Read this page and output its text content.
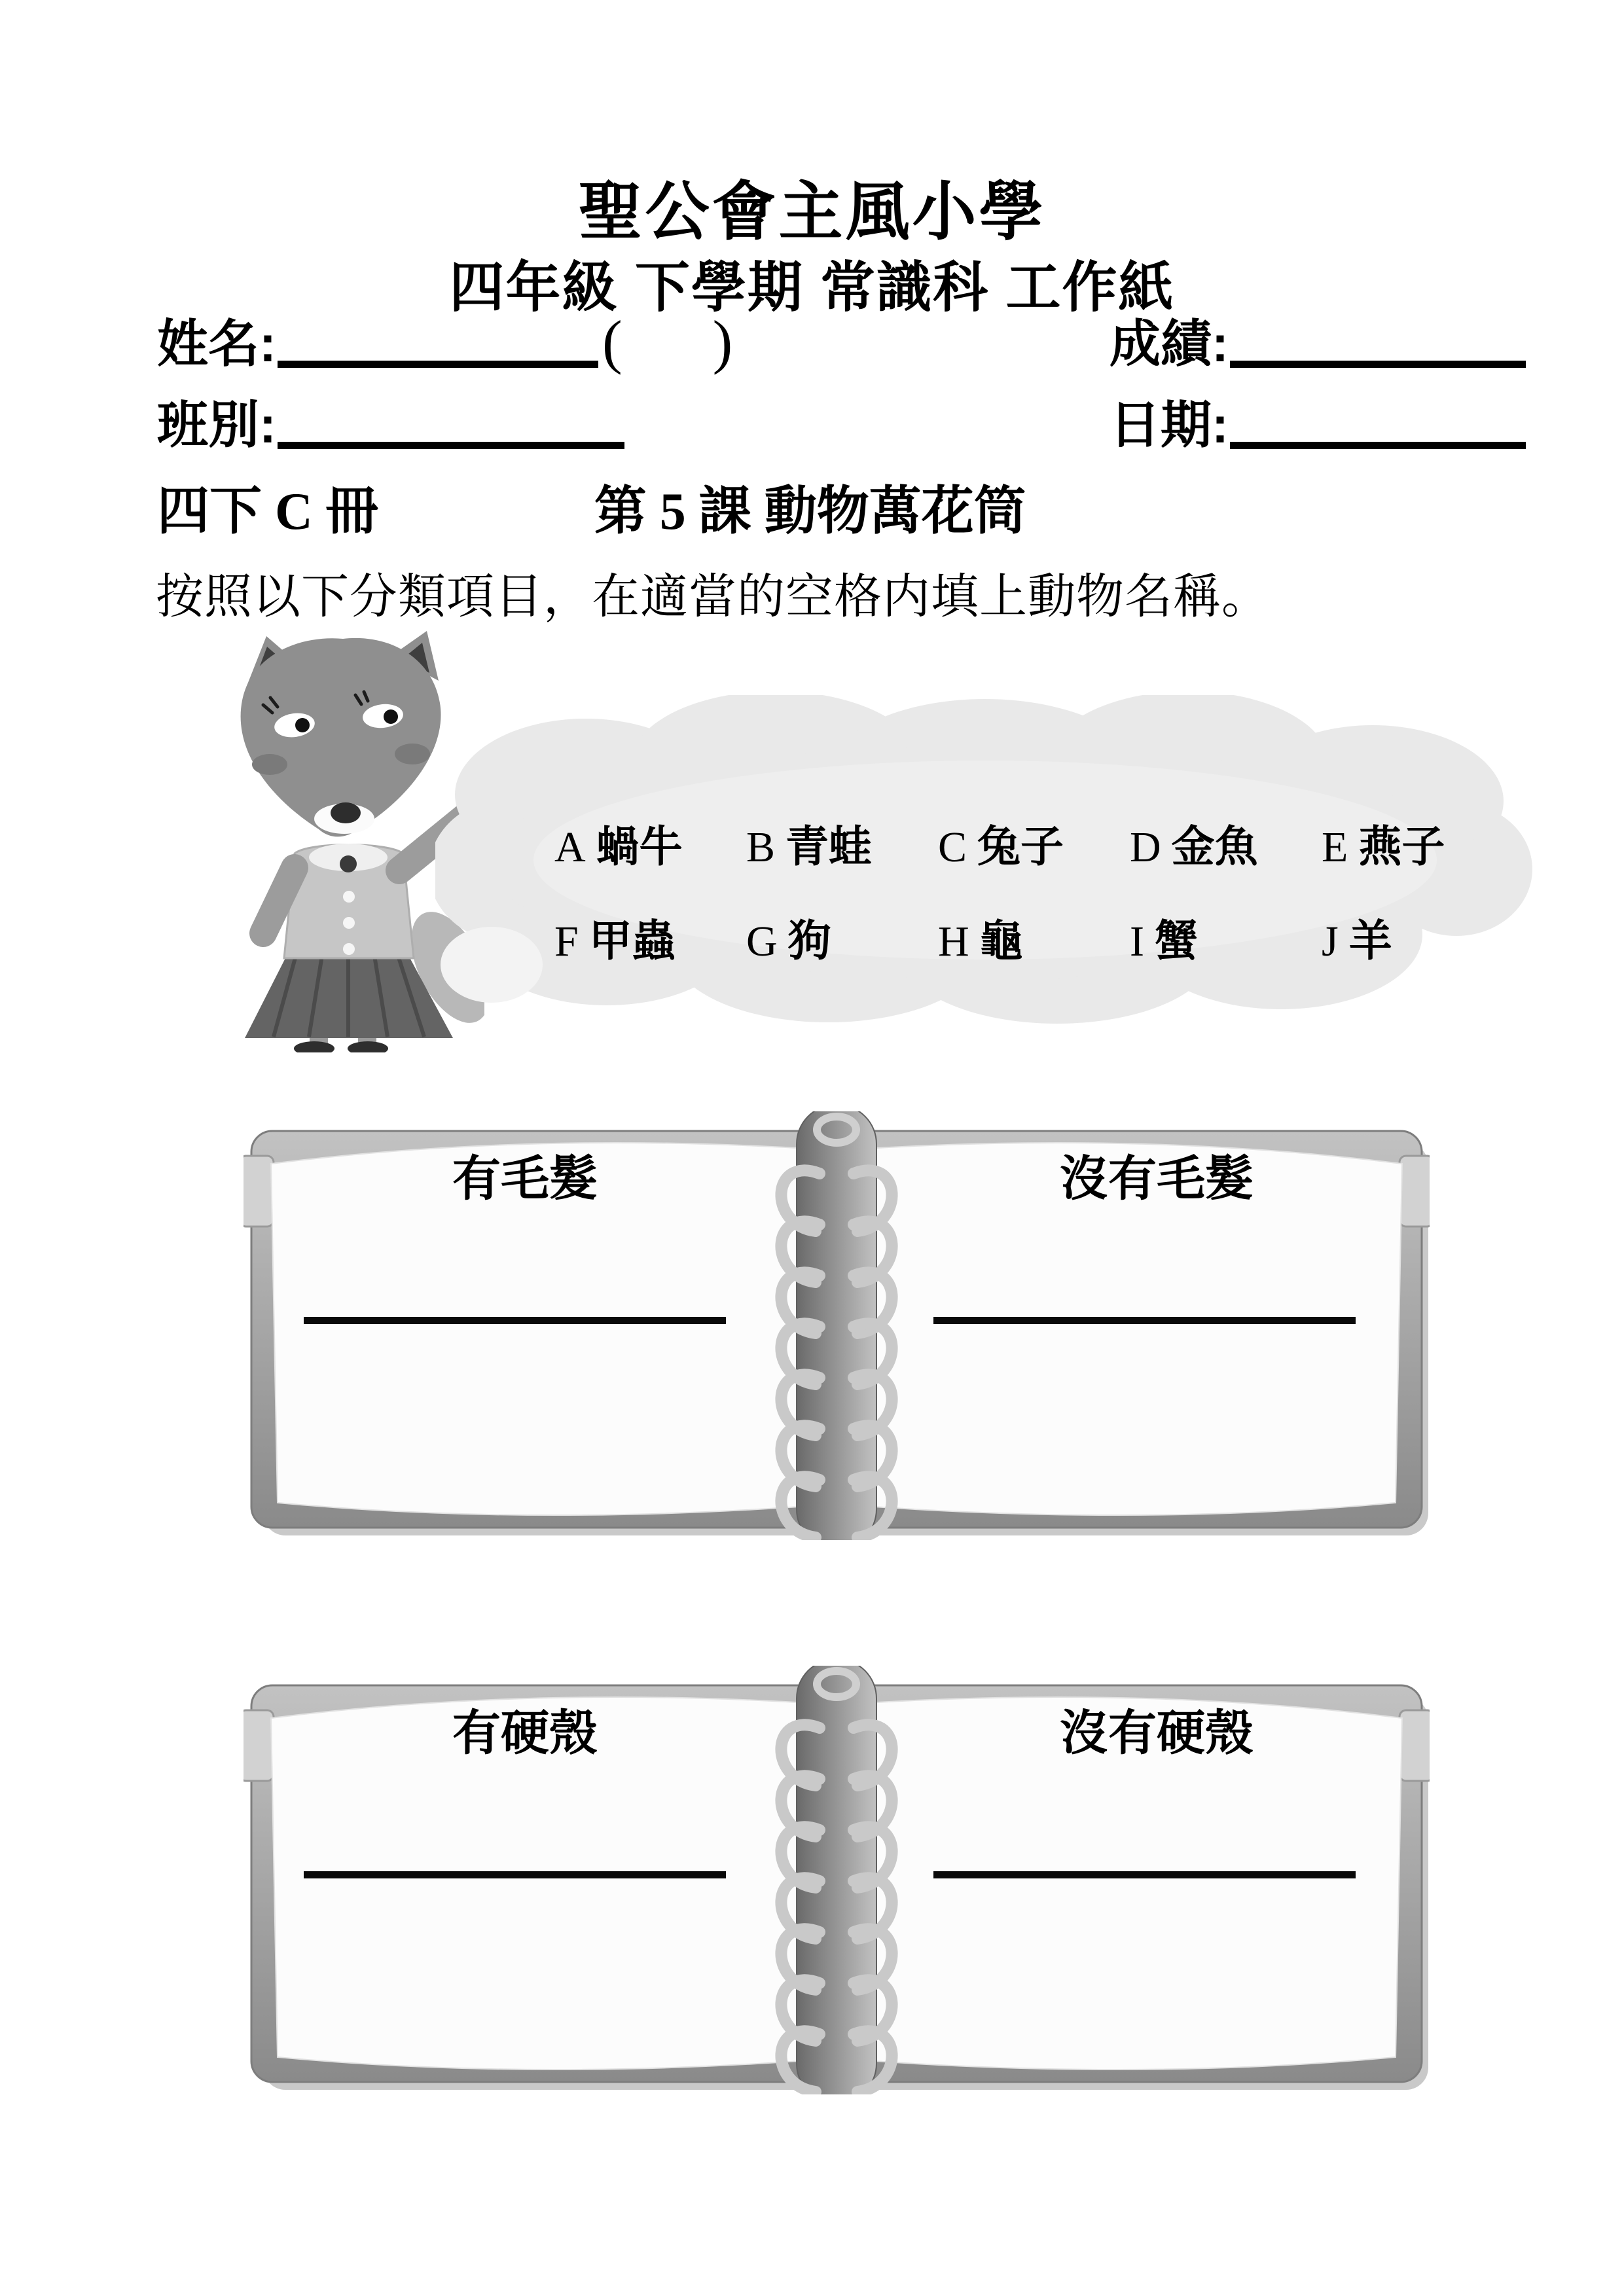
聖公會主風小學
四年級 下學期 常識科 工作紙
姓名:	(      )	成績:
班別:	日期:
四下 C 冊	第 5 課 動物萬花筒
按照以下分類項目，在適當的空格内填上動物名稱。
A 蝸牛 B 青蛙 C 兔子 D 金魚 E 燕子
F 甲蟲 G 狗 H 龜 I 蟹	J 羊
有毛髮	沒有毛髮
有硬殼	沒有硬殼
